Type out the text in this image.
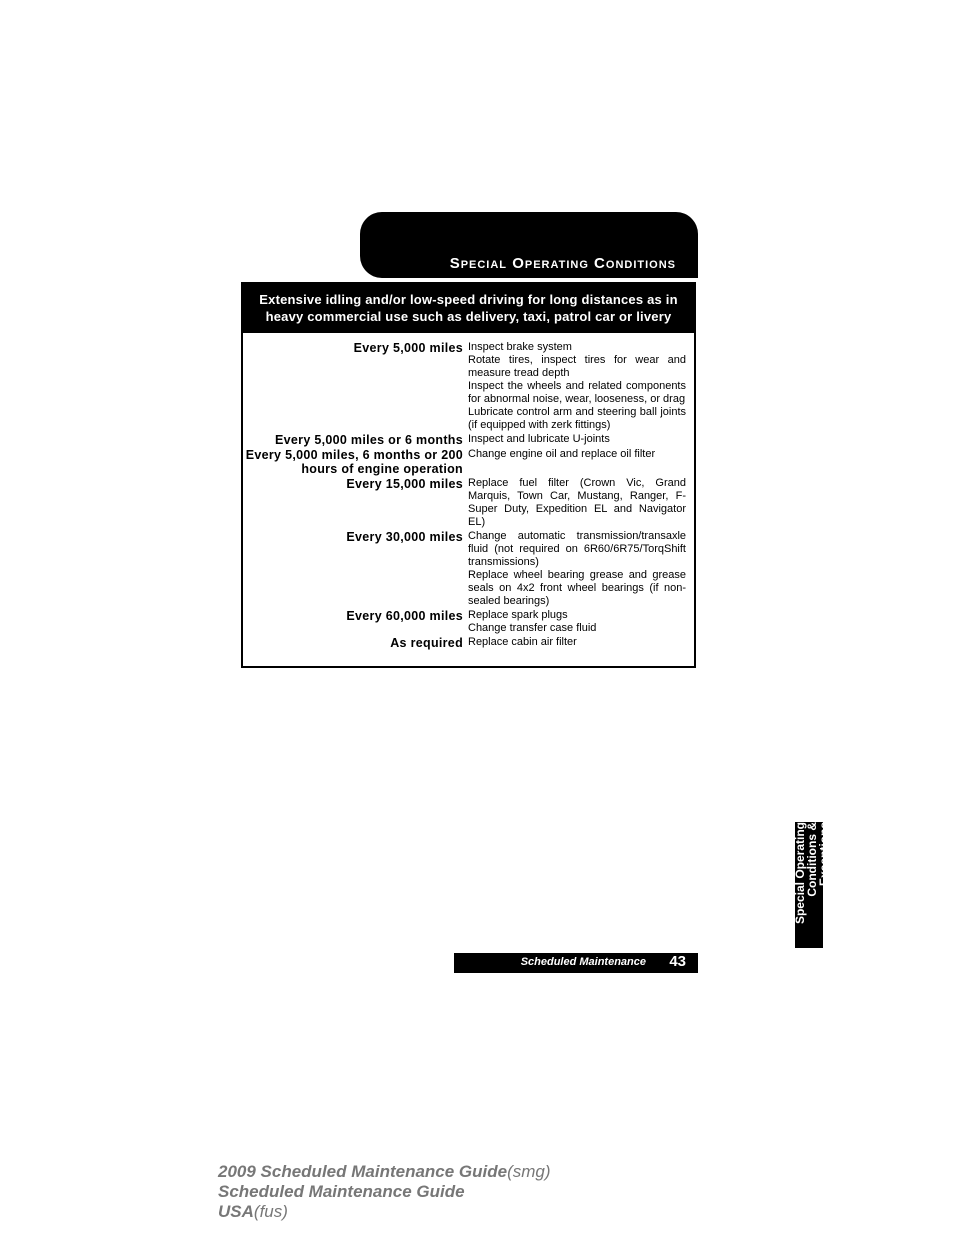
Special Operating Conditions
Extensive idling and/or low-speed driving for long distances as in heavy commercial use such as delivery, taxi, patrol car or livery
Every 5,000 miles Inspect brake system
Rotate tires, inspect tires for wear and measure tread depth
Inspect the wheels and related components for abnormal noise, wear, looseness, or drag
Lubricate control arm and steering ball joints (if equipped with zerk fittings)
Every 5,000 miles or 6 months Inspect and lubricate U-joints
Every 5,000 miles, 6 months or 200 hours of engine operation
Change engine oil and replace oil filter
Every 15,000 miles Replace fuel filter (Crown Vic, Grand Marquis, Town Car, Mustang, Ranger, F-Super Duty, Expedition EL and Navigator EL)
Every 30,000 miles Change automatic transmission/transaxle fluid (not required on 6R60/6R75/TorqShift transmissions)
Replace wheel bearing grease and grease seals on 4x2 front wheel bearings (if non-sealed bearings)
Every 60,000 miles Replace spark plugs
Change transfer case fluid
As required Replace cabin air filter
Special Operating
Conditions &
Exceptions
Scheduled Maintenance 43
2009 Scheduled Maintenance Guide(smg)
Scheduled Maintenance Guide
USA(fus)
